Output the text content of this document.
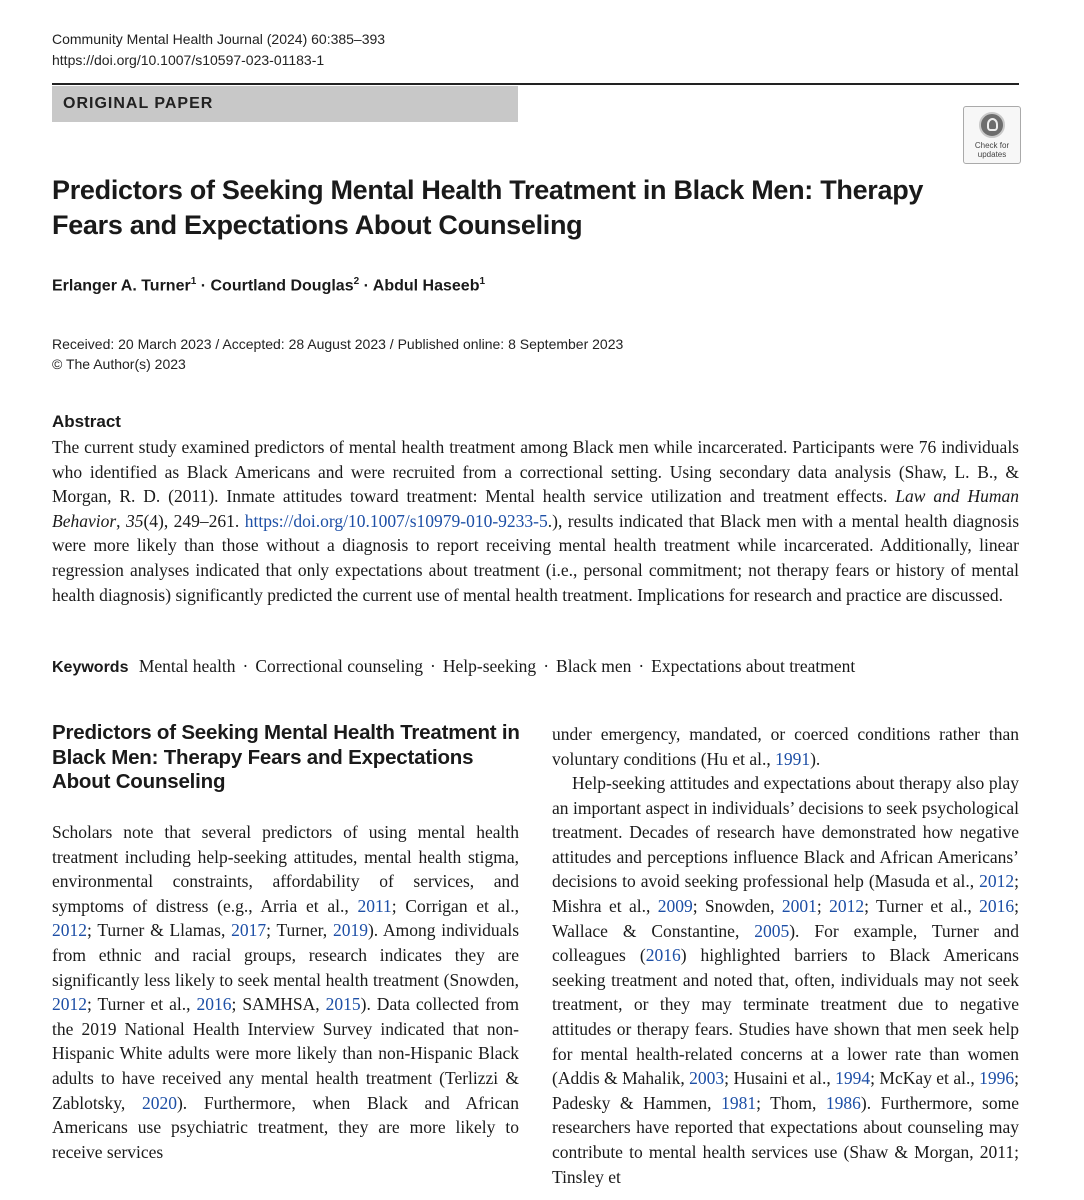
Community Mental Health Journal (2024) 60:385–393
https://doi.org/10.1007/s10597-023-01183-1
ORIGINAL PAPER
Check for
updates
Predictors of Seeking Mental Health Treatment in Black Men: Therapy Fears and Expectations About Counseling
Erlanger A. Turner$^1$ · Courtland Douglas$^2$ · Abdul Haseeb$^1$
Received: 20 March 2023 / Accepted: 28 August 2023 / Published online: 8 September 2023
© The Author(s) 2023
Abstract

The current study examined predictors of mental health treatment among Black men while incarcerated. Participants were 76 individuals who identified as Black Americans and were recruited from a correctional setting. Using secondary data analysis (Shaw, L. B., & Morgan, R. D. (2011). Inmate attitudes toward treatment: Mental health service utilization and treatment effects. Law and Human Behavior, 35(4), 249–261. https://doi.org/10.1007/s10979-010-9233-5.), results indicated that Black men with a mental health diagnosis were more likely than those without a diagnosis to report receiving mental health treatment while incarcerated. Additionally, linear regression analyses indicated that only expectations about treatment (i.e., personal commitment; not therapy fears or history of mental health diagnosis) significantly predicted the current use of mental health treatment. Implications for research and practice are discussed.

Keywords Mental health · Correctional counseling · Help-seeking · Black men · Expectations about treatment
Predictors of Seeking Mental Health Treatment in Black Men: Therapy Fears and Expectations About Counseling

Scholars note that several predictors of using mental health treatment including help-seeking attitudes, mental health stigma, environmental constraints, affordability of services, and symptoms of distress (e.g., Arria et al., 2011; Corrigan et al., 2012; Turner & Llamas, 2017; Turner, 2019). Among individuals from ethnic and racial groups, research indicates they are significantly less likely to seek mental health treatment (Snowden, 2012; Turner et al., 2016; SAMHSA, 2015). Data collected from the 2019 National Health Interview Survey indicated that non-Hispanic White adults were more likely than non-Hispanic Black adults to have received any mental health treatment (Terlizzi & Zablotsky, 2020). Furthermore, when Black and African Americans use psychiatric treatment, they are more likely to receive services

under emergency, mandated, or coerced conditions rather than voluntary conditions (Hu et al., 1991).

Help-seeking attitudes and expectations about therapy also play an important aspect in individuals’ decisions to seek psychological treatment. Decades of research have demonstrated how negative attitudes and perceptions influence Black and African Americans’ decisions to avoid seeking professional help (Masuda et al., 2012; Mishra et al., 2009; Snowden, 2001; 2012; Turner et al., 2016; Wallace & Constantine, 2005). For example, Turner and colleagues (2016) highlighted barriers to Black Americans seeking treatment and noted that, often, individuals may not seek treatment, or they may terminate treatment due to negative attitudes or therapy fears. Studies have shown that men seek help for mental health-related concerns at a lower rate than women (Addis & Mahalik, 2003; Husaini et al., 1994; McKay et al., 1996; Padesky & Hammen, 1981; Thom, 1986). Furthermore, some researchers have reported that expectations about counseling may contribute to mental health services use (Shaw & Morgan, 2011; Tinsley et
